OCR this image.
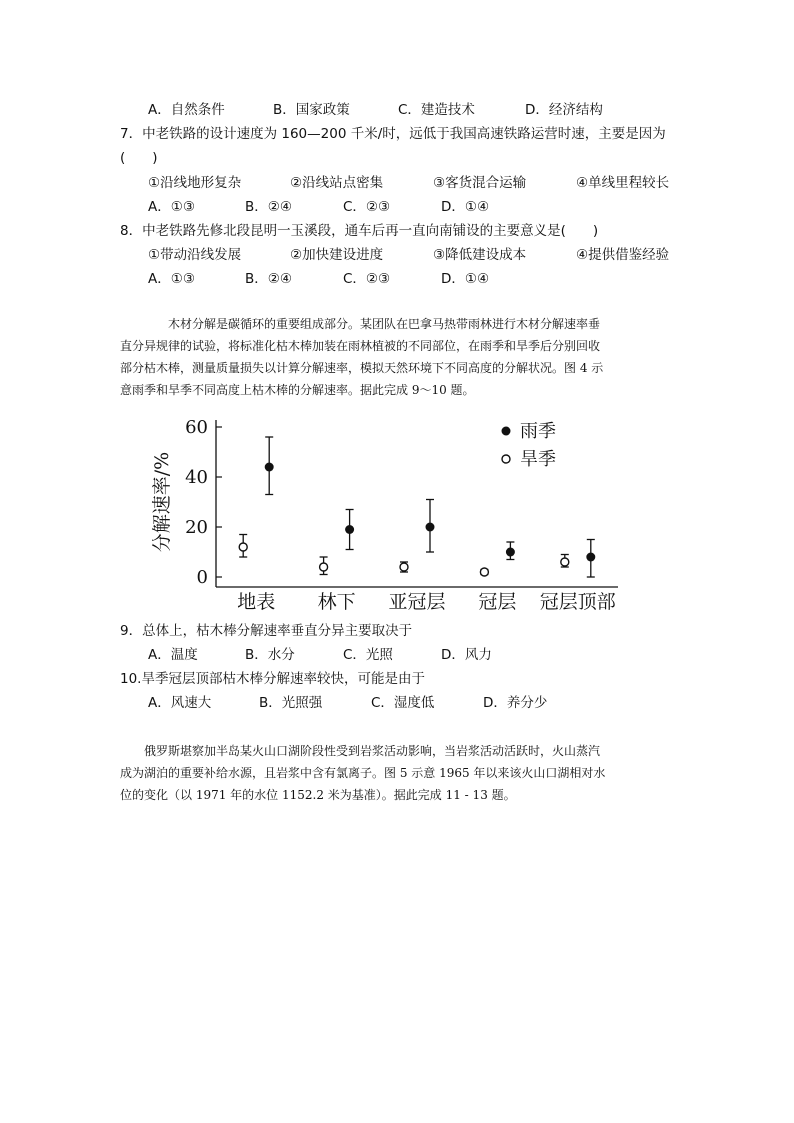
A．自然条件	B．国家政策	C．建造技术	D．经济结构
7．中老铁路的设计速度为 160—200 千米/时，远低于我国高速铁路运营时速，主要是因为
(　　)
①沿线地形复杂	②沿线站点密集	③客货混合运输	④单线里程较长
A．①③	B．②④	C．②③	D．①④
8．中老铁路先修北段昆明一玉溪段，通车后再一直向南铺设的主要意义是(　　)
①带动沿线发展	②加快建设进度	③降低建设成本	④提供借鉴经验
A．①③	B．②④	C．②③	D．①④
木材分解是碳循环的重要组成部分。某团队在巴拿马热带雨林进行木材分解速率垂
直分异规律的试验，将标准化枯木棒加装在雨林植被的不同部位，在雨季和旱季后分别回收
部分枯木棒，测量质量损失以计算分解速率，模拟天然环境下不同高度的分解状况。图 4 示
意雨季和旱季不同高度上枯木棒的分解速率。据此完成 9～10 题。
分解速率/%
0
20
40
60
地表 林下 亚冠层 冠层 冠层顶部
雨季
旱季
9．总体上，枯木棒分解速率垂直分异主要取决于
A．温度	B．水分	C．光照	D．风力
10.旱季冠层顶部枯木棒分解速率较快，可能是由于
A．风速大	B．光照强	C．湿度低	D．养分少
俄罗斯堪察加半岛某火山口湖阶段性受到岩浆活动影响，当岩浆活动活跃时，火山蒸汽
成为湖泊的重要补给水源，且岩浆中含有氯离子。图 5 示意 1965 年以来该火山口湖相对水
位的变化（以 1971 年的水位 1152.2 米为基准）。据此完成 11 - 13 题。
